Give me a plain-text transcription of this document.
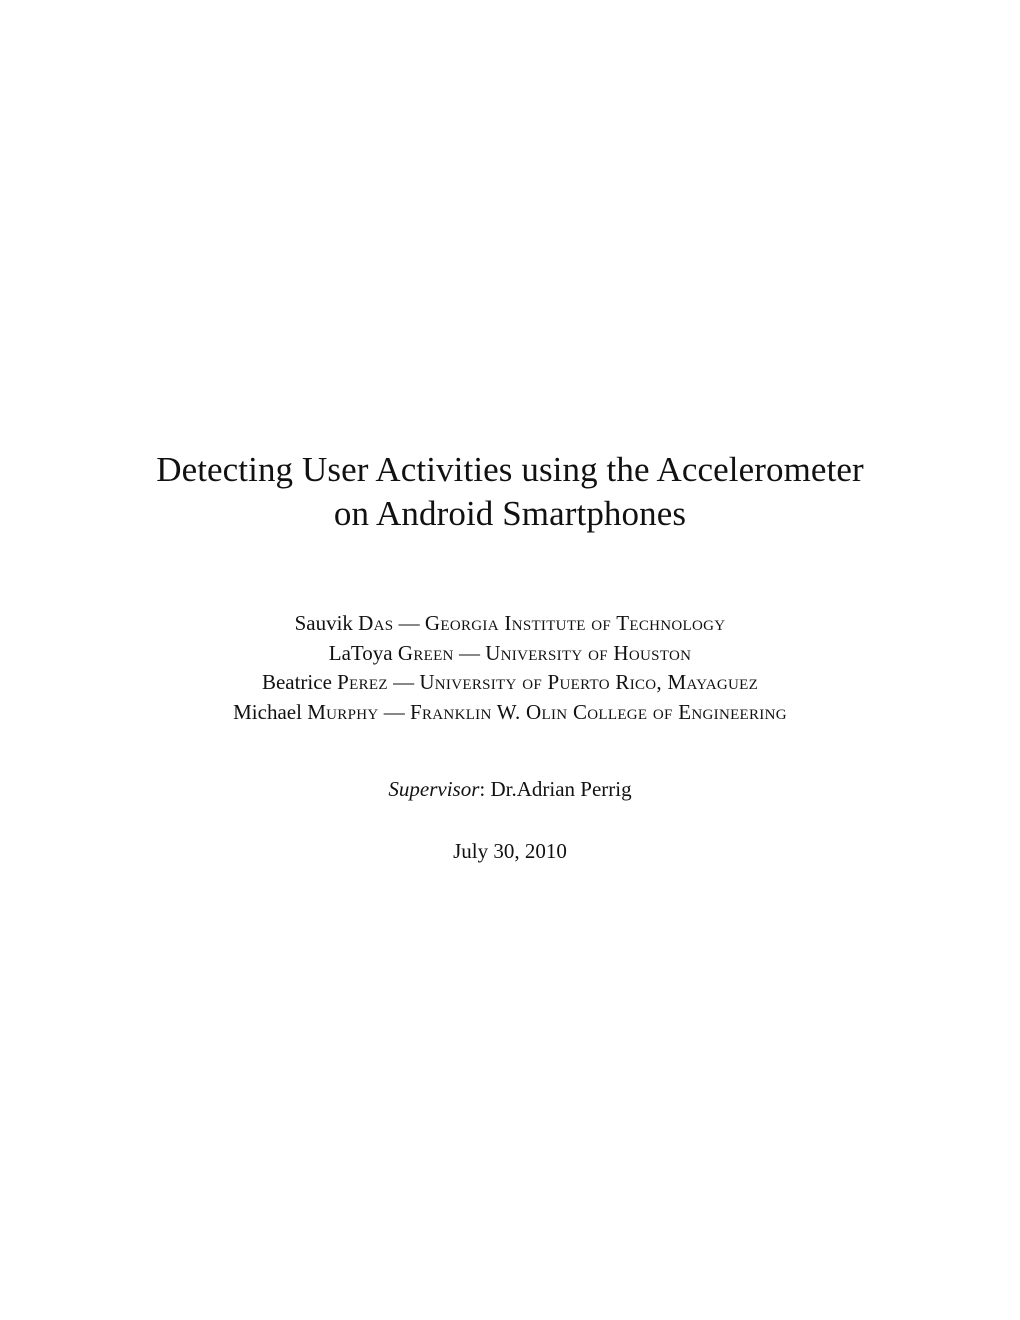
Detecting User Activities using the Accelerometer
on Android Smartphones
Sauvik Das — Georgia Institute of Technology
LaToya Green — University of Houston
Beatrice Perez — University of Puerto Rico, Mayaguez
Michael Murphy — Franklin W. Olin College of Engineering
Supervisor: Dr.Adrian Perrig
July 30, 2010
